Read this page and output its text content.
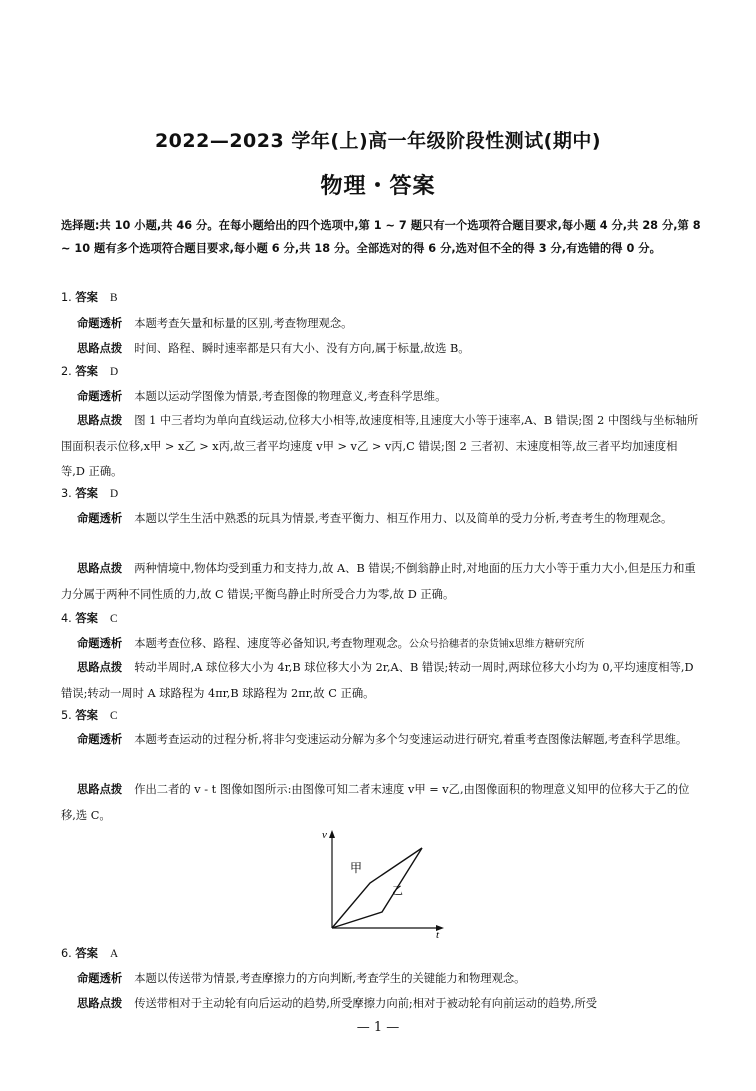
2022—2023 学年(上)高一年级阶段性测试(期中)
物理・答案
选择题:共 10 小题,共 46 分。在每小题给出的四个选项中,第 1 ~ 7 题只有一个选项符合题目要求,每小题 4 分,共 28 分,第 8 ~ 10 题有多个选项符合题目要求,每小题 6 分,共 18 分。全部选对的得 6 分,选对但不全的得 3 分,有选错的得 0 分。
1. 答案 B
命题透析 本题考查矢量和标量的区别,考查物理观念。
思路点拨 时间、路程、瞬时速率都是只有大小、没有方向,属于标量,故选 B。
2. 答案 D
命题透析 本题以运动学图像为情景,考查图像的物理意义,考查科学思维。
思路点拨 图 1 中三者均为单向直线运动,位移大小相等,故速度相等,且速度大小等于速率,A、B 错误;图 2 中图线与坐标轴所围面积表示位移,x甲 > x乙 > x丙,故三者平均速度 v甲 > v乙 > v丙,C 错误;图 2 三者初、末速度相等,故三者平均加速度相等,D 正确。
3. 答案 D
命题透析 本题以学生生活中熟悉的玩具为情景,考查平衡力、相互作用力、以及简单的受力分析,考查考生的物理观念。
思路点拨 两种情境中,物体均受到重力和支持力,故 A、B 错误;不倒翁静止时,对地面的压力大小等于重力大小,但是压力和重力分属于两种不同性质的力,故 C 错误;平衡鸟静止时所受合力为零,故 D 正确。
4. 答案 C
命题透析 本题考查位移、路程、速度等必备知识,考查物理观念。公众号拾穗者的杂货铺x思维方糖研究所
思路点拨 转动半周时,A 球位移大小为 4r,B 球位移大小为 2r,A、B 错误;转动一周时,两球位移大小均为 0,平均速度相等,D 错误;转动一周时 A 球路程为 4πr,B 球路程为 2πr,故 C 正确。
5. 答案 C
命题透析 本题考查运动的过程分析,将非匀变速运动分解为多个匀变速运动进行研究,着重考查图像法解题,考查科学思维。
思路点拨 作出二者的 v - t 图像如图所示:由图像可知二者末速度 v甲 = v乙,由图像面积的物理意义知甲的位移大于乙的位移,选 C。
v
t
甲
乙
6. 答案 A
命题透析 本题以传送带为情景,考查摩擦力的方向判断,考查学生的关键能力和物理观念。
思路点拨 传送带相对于主动轮有向后运动的趋势,所受摩擦力向前;相对于被动轮有向前运动的趋势,所受
— 1 —
